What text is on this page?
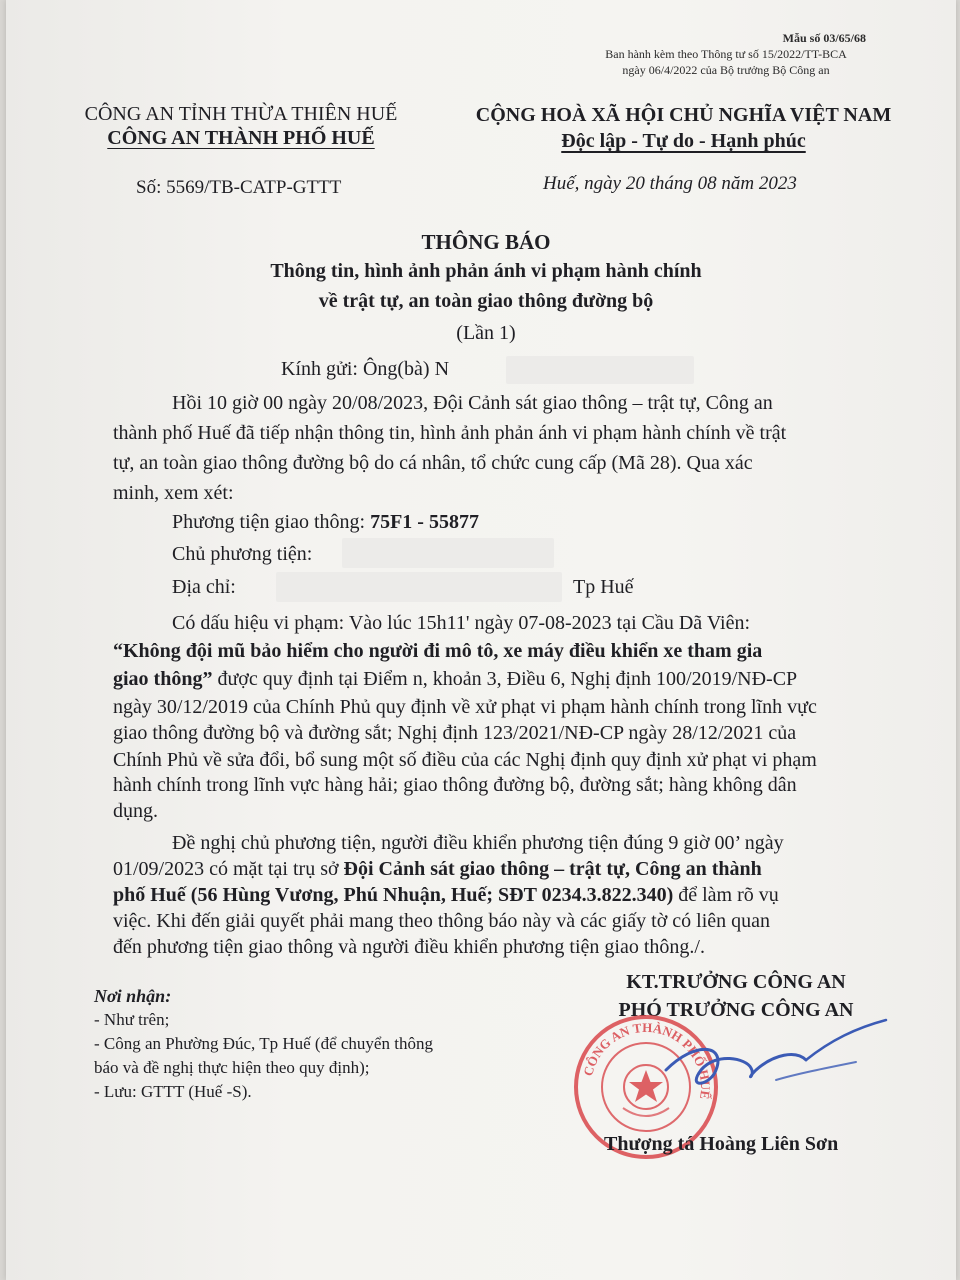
Mẫu số 03/65/68
Ban hành kèm theo Thông tư số 15/2022/TT-BCA
ngày 06/4/2022 của Bộ trưởng Bộ Công an
CÔNG AN TỈNH THỪA THIÊN HUẾ
CÔNG AN THÀNH PHỐ HUẾ
CỘNG HOÀ XÃ HỘI CHỦ NGHĨA VIỆT NAM
Độc lập - Tự do - Hạnh phúc
Số: 5569/TB-CATP-GTTT	Huế, ngày 20 tháng 08 năm 2023
THÔNG BÁO
Thông tin, hình ảnh phản ánh vi phạm hành chính
về trật tự, an toàn giao thông đường bộ
(Lần 1)
Kính gửi: Ông(bà) N
Hồi 10 giờ 00 ngày 20/08/2023, Đội Cảnh sát giao thông – trật tự, Công an
thành phố Huế đã tiếp nhận thông tin, hình ảnh phản ánh vi phạm hành chính về trật
tự, an toàn giao thông đường bộ do cá nhân, tổ chức cung cấp (Mã 28). Qua xác
minh, xem xét:
Phương tiện giao thông: 75F1 - 55877
Chủ phương tiện:
Địa chỉ:	Tp Huế
Có dấu hiệu vi phạm: Vào lúc 15h11' ngày 07-08-2023 tại Cầu Dã Viên:
“Không đội mũ bảo hiểm cho người đi mô tô, xe máy điều khiển xe tham gia
giao thông” được quy định tại Điểm n, khoản 3, Điều 6, Nghị định 100/2019/NĐ-CP
ngày 30/12/2019 của Chính Phủ quy định về xử phạt vi phạm hành chính trong lĩnh vực
giao thông đường bộ và đường sắt; Nghị định 123/2021/NĐ-CP ngày 28/12/2021 của
Chính Phủ về sửa đổi, bổ sung một số điều của các Nghị định quy định xử phạt vi phạm
hành chính trong lĩnh vực hàng hải; giao thông đường bộ, đường sắt; hàng không dân
dụng.
Đề nghị chủ phương tiện, người điều khiển phương tiện đúng 9 giờ 00’ ngày
01/09/2023 có mặt tại trụ sở Đội Cảnh sát giao thông – trật tự, Công an thành
phố Huế (56 Hùng Vương, Phú Nhuận, Huế; SĐT 0234.3.822.340) để làm rõ vụ
việc. Khi đến giải quyết phải mang theo thông báo này và các giấy tờ có liên quan
đến phương tiện giao thông và người điều khiển phương tiện giao thông./.
Nơi nhận:
- Như trên;
- Công an Phường Đúc, Tp Huế (để chuyển thông
báo và đề nghị thực hiện theo quy định);
- Lưu: GTTT (Huế -S).
KT.TRƯỞNG CÔNG AN
PHÓ TRƯỞNG CÔNG AN
CÔNG AN THÀNH PHỐ HUẾ
Thượng tá Hoàng Liên Sơn
